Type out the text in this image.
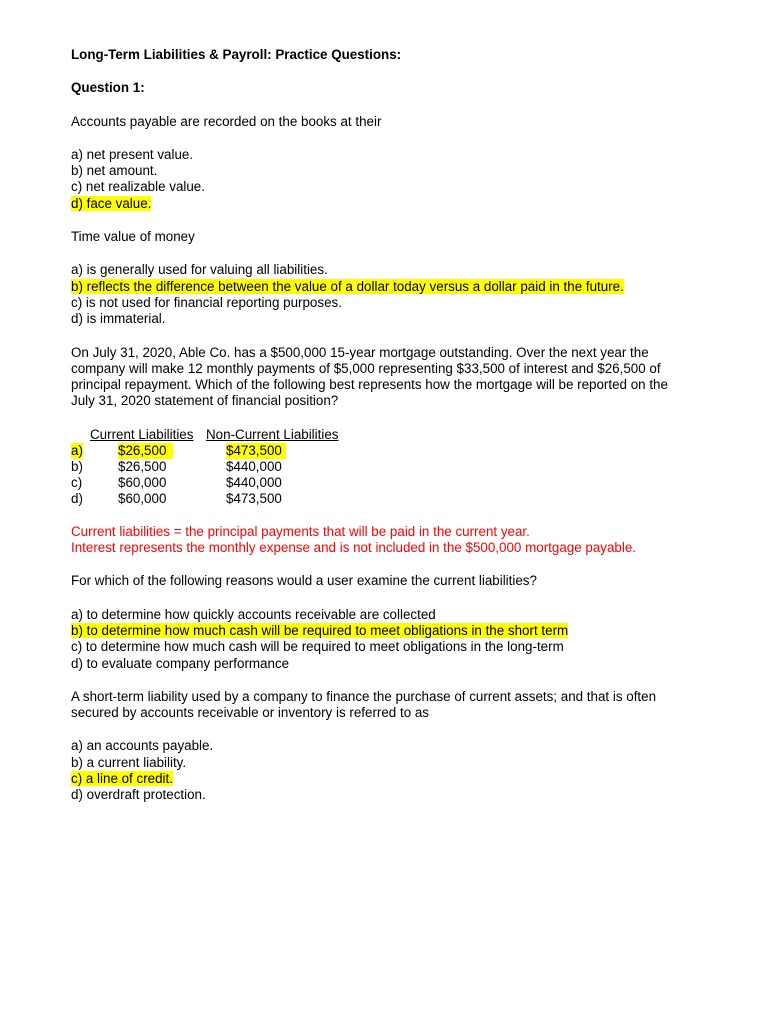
Long-Term Liabilities & Payroll: Practice Questions:
Question 1:
Accounts payable are recorded on the books at their
a) net present value.
b) net amount.
c) net realizable value.
d) face value.
Time value of money
a) is generally used for valuing all liabilities.
b) reflects the difference between the value of a dollar today versus a dollar paid in the future.
c) is not used for financial reporting purposes.
d) is immaterial.
On July 31, 2020, Able Co. has a $500,000 15-year mortgage outstanding. Over the next year the company will make 12 monthly payments of $5,000 representing $33,500 of interest and $26,500 of principal repayment. Which of the following best represents how the mortgage will be reported on the July 31, 2020 statement of financial position?
Current Liabilities Non-Current Liabilities
a)	$26,500	$473,500
b)	$26,500	$440,000
c)	$60,000	$440,000
d)	$60,000	$473,500
Current liabilities = the principal payments that will be paid in the current year.
Interest represents the monthly expense and is not included in the $500,000 mortgage payable.
For which of the following reasons would a user examine the current liabilities?
a) to determine how quickly accounts receivable are collected
b) to determine how much cash will be required to meet obligations in the short term
c) to determine how much cash will be required to meet obligations in the long-term
d) to evaluate company performance
A short-term liability used by a company to finance the purchase of current assets; and that is often secured by accounts receivable or inventory is referred to as
a) an accounts payable.
b) a current liability.
c) a line of credit.
d) overdraft protection.
